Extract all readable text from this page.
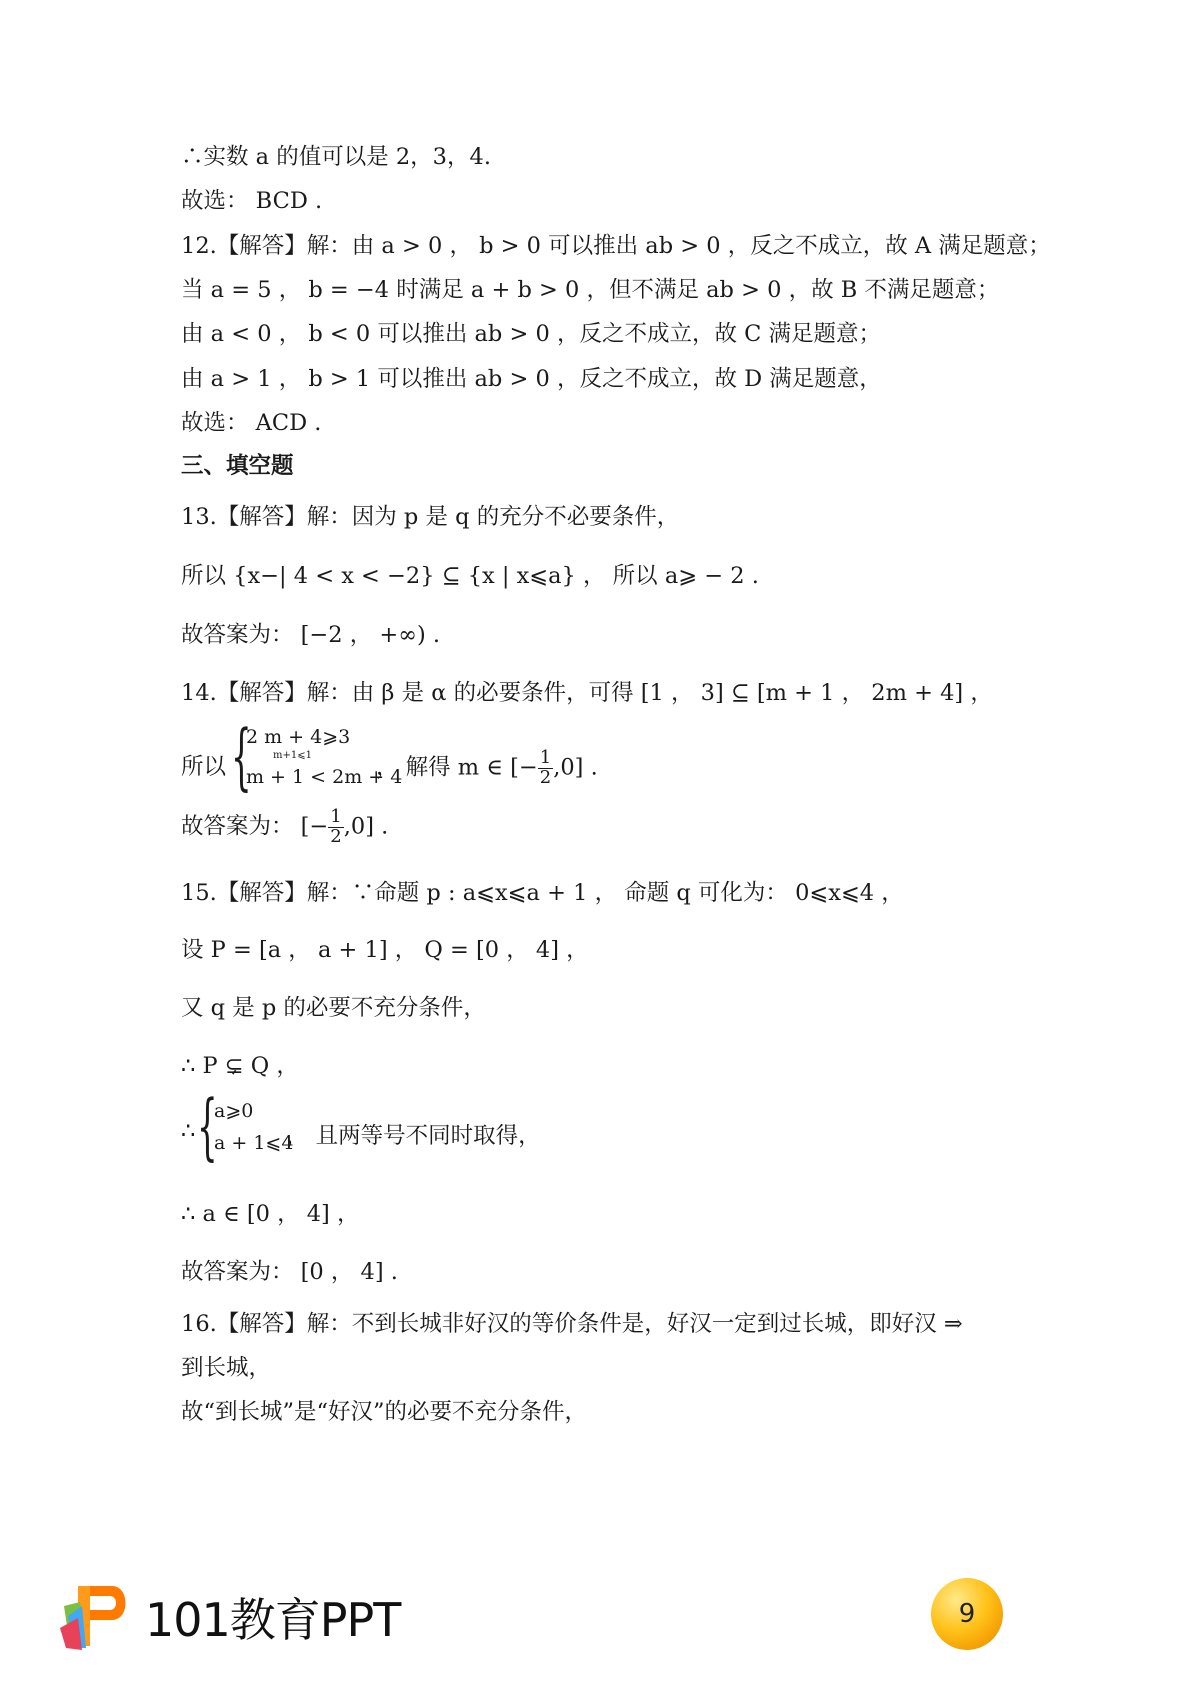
∴实数 a 的值可以是 2，3，4.
故选： BCD .
12.【解答】解：由 a > 0 ， b > 0 可以推出 ab > 0 ，反之不成立，故 A 满足题意；
当 a = 5 ， b = −4 时满足 a + b > 0 ，但不满足 ab > 0 ，故 B 不满足题意；
由 a < 0 ， b < 0 可以推出 ab > 0 ，反之不成立，故 C 满足题意；
由 a > 1 ， b > 1 可以推出 ab > 0 ，反之不成立，故 D 满足题意，
故选： ACD .
三、填空题
13.【解答】解：因为 p 是 q 的充分不必要条件，
所以 {x−| 4 < x < −2} ⊆ {x | x⩽a} ， 所以 a⩾ − 2 .
故答案为： [−2 ， +∞) .
14.【解答】解：由 β 是 α 的必要条件，可得 [1 ， 3] ⊆ [m + 1 ， 2m + 4] ，
所以 {
2 m + 4⩾3
m+1⩽1
m + 1 < 2m + 4
， 解得 m ∈ [− $\frac{1}{2} ,0$] .
故答案为： [− $\frac{1}{2} ,0$] .
15.【解答】解：∵命题 p : a⩽x⩽a + 1 ， 命题 q 可化为： 0⩽x⩽4 ，
设 P = [a ， a + 1] ， Q = [0 ， 4] ，
又 q 是 p 的必要不充分条件，
∴ P ⊊ Q ，
∴ {
a⩾0
a + 1⩽4
， 且两等号不同时取得，
∴ a ∈ [0 ， 4] ，
故答案为： [0 ， 4] .
16.【解答】解：不到长城非好汉的等价条件是，好汉一定到过长城，即好汉 ⇒
到长城，
故“到长城”是“好汉”的必要不充分条件，
101教育PPT	9
